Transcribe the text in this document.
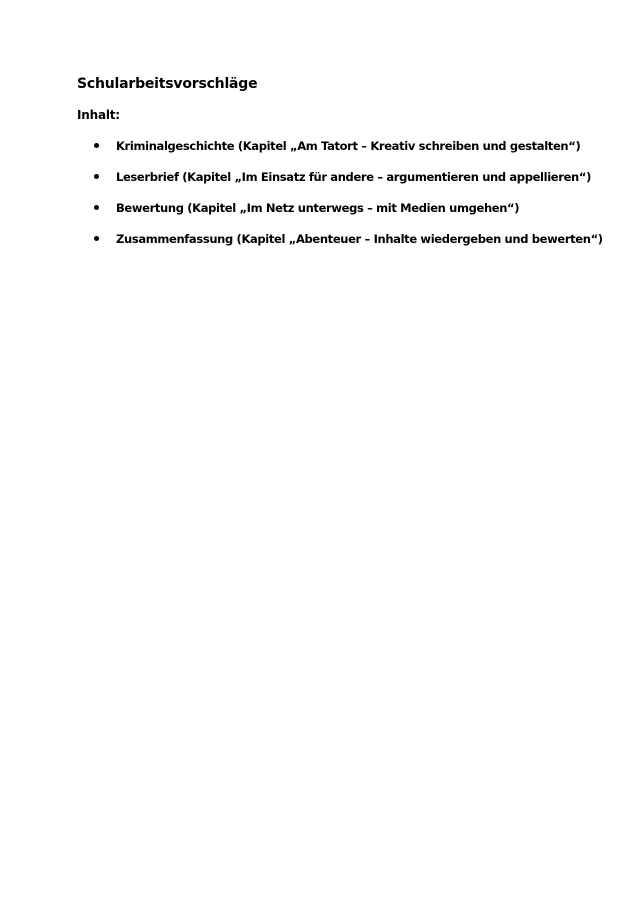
Schularbeitsvorschläge
Inhalt:
Kriminalgeschichte (Kapitel „Am Tatort – Kreativ schreiben und gestalten“)
Leserbrief (Kapitel „Im Einsatz für andere – argumentieren und appellieren“)
Bewertung (Kapitel „Im Netz unterwegs – mit Medien umgehen“)
Zusammenfassung (Kapitel „Abenteuer – Inhalte wiedergeben und bewerten“)
